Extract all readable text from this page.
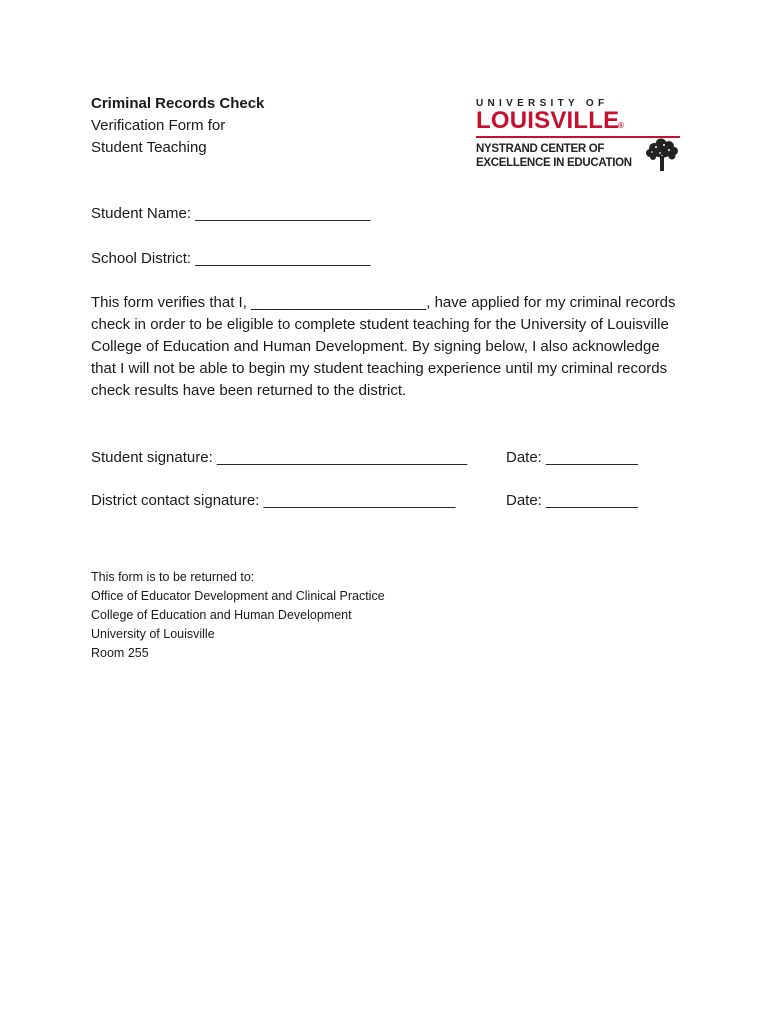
Criminal Records Check
Verification Form for
Student Teaching
UNIVERSITY OF
LOUISVILLE
®
NYSTRAND CENTER OF
EXCELLENCE IN EDUCATION
Student Name: _____________________
School District: _____________________

This form verifies that I, _____________________, have applied for my criminal records check in order to be eligible to complete student teaching for the University of Louisville College of Education and Human Development. By signing below, I also acknowledge that I will not be able to begin my student teaching experience until my criminal records check results have been returned to the district.

Student signature: ______________________________	Date: ___________
District contact signature: _______________________	Date: ___________
This form is to be returned to:
Office of Educator Development and Clinical Practice
College of Education and Human Development
University of Louisville
Room 255
